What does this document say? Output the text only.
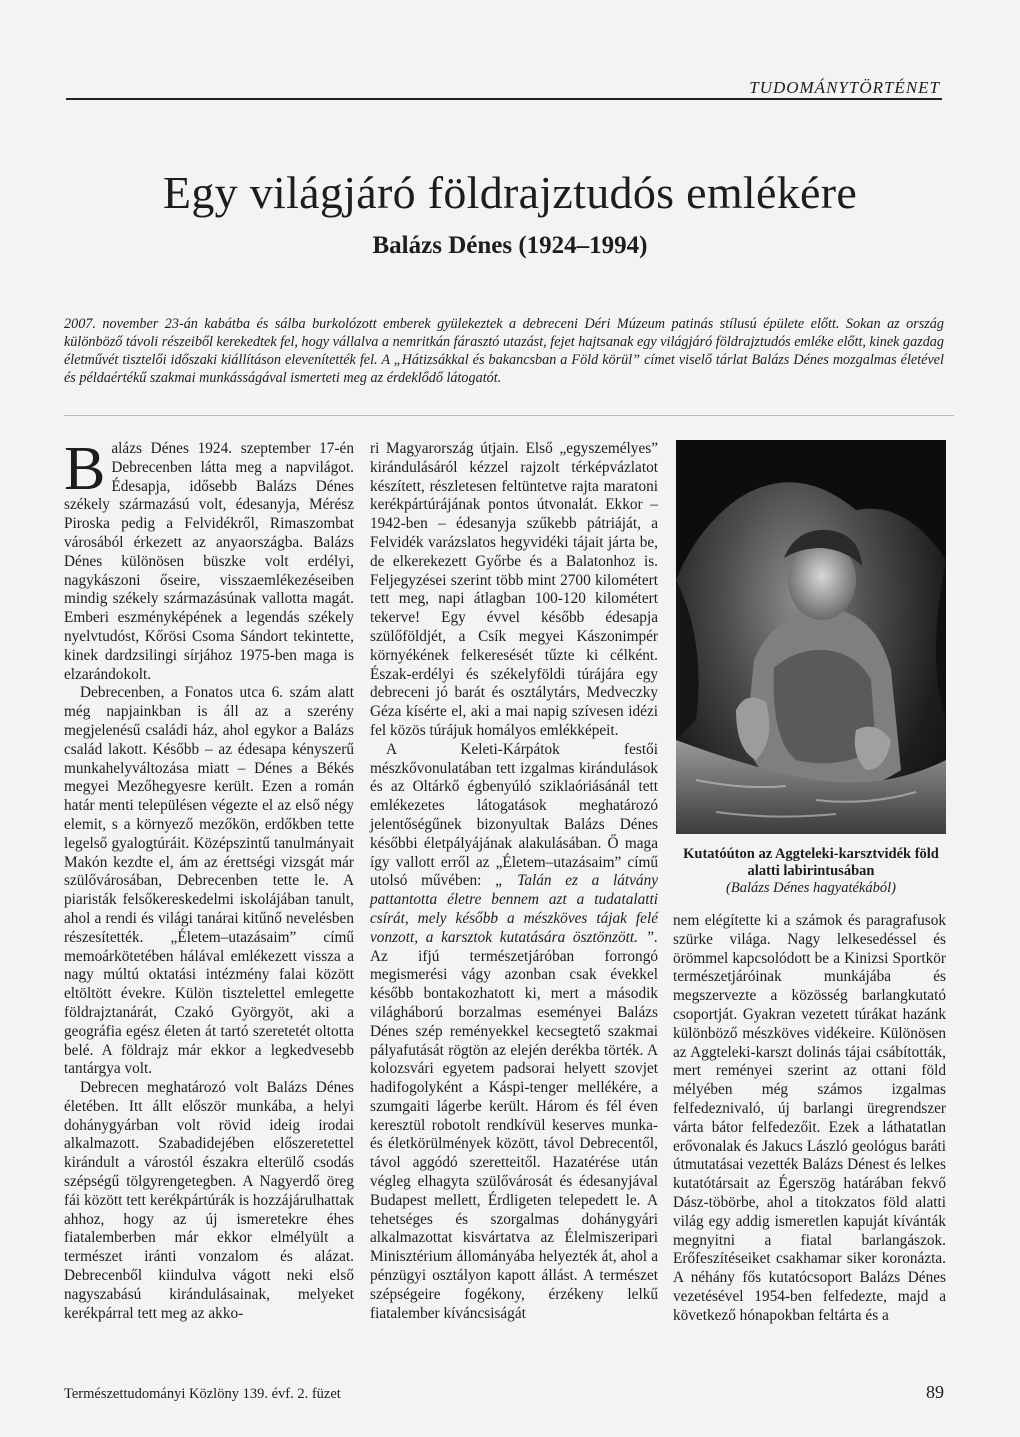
TUDOMÁNYTÖRTÉNET
Egy világjáró földrajztudós emlékére
Balázs Dénes (1924–1994)

2007. november 23-án kabátba és sálba burkolózott emberek gyülekeztek a debreceni Déri Múzeum patinás stílusú épülete előtt. Sokan az ország különböző távoli részeiből kerekedtek fel, hogy vállalva a nemritkán fárasztó utazást, fejet hajtsanak egy világjáró földrajztudós emléke előtt, kinek gazdag életművét tisztelői időszaki kiállításon elevenítették fel. A „Hátizsákkal és bakancsban a Föld körül” címet viselő tárlat Balázs Dénes mozgalmas életével és példaértékű szakmai munkásságával ismerteti meg az érdeklődő látogatót.

Balázs Dénes 1924. szeptember 17-én Debrecenben látta meg a napvilágot. Édesapja, idősebb Balázs Dénes székely származású volt, édesanyja, Mérész Piroska pedig a Felvidékről, Rimaszombat városából érkezett az anyaországba. Balázs Dénes különösen büszke volt erdélyi, nagykászoni őseire, visszaemlékezéseiben mindig székely származásúnak vallotta magát. Emberi eszményképének a legendás székely nyelvtudóst, Kőrösi Csoma Sándort tekintette, kinek dardzsilingi sírjához 1975-ben maga is elzarándokolt.

Debrecenben, a Fonatos utca 6. szám alatt még napjainkban is áll az a szerény megjelenésű családi ház, ahol egykor a Balázs család lakott. Később – az édesapa kényszerű munkahelyváltozása miatt – Dénes a Békés megyei Mezőhegyesre került. Ezen a román határ menti településen végezte el az első négy elemit, s a környező mezőkön, erdőkben tette legelső gyalogtúráit. Középszintű tanulmányait Makón kezdte el, ám az érettségi vizsgát már szülővárosában, Debrecenben tette le. A piaristák felsőkereskedelmi iskolájában tanult, ahol a rendi és világi tanárai kitűnő nevelésben részesítették. „Életem–utazásaim” című memoárkötetében hálával emlékezett vissza a nagy múltú oktatási intézmény falai között eltöltött évekre. Külön tisztelettel emlegette földrajztanárát, Czakó Györgyöt, aki a geográfia egész életen át tartó szeretetét oltotta belé. A földrajz már ekkor a legkedvesebb tantárgya volt.

Debrecen meghatározó volt Balázs Dénes életében. Itt állt először munkába, a helyi dohánygyárban volt rövid ideig irodai alkalmazott. Szabadidejében előszeretettel kirándult a várostól északra elterülő csodás szépségű tölgyrengetegben. A Nagyerdő öreg fái között tett kerékpártúrák is hozzájárulhattak ahhoz, hogy az új ismeretekre éhes fiatalemberben már ekkor elmélyült a természet iránti vonzalom és alázat. Debrecenből kiindulva vágott neki első nagyszabású kirándulásainak, melyeket kerékpárral tett meg az akko-

ri Magyarország útjain. Első „egyszemélyes” kirándulásáról kézzel rajzolt térképvázlatot készített, részletesen feltüntetve rajta maratoni kerékpártúrájának pontos útvonalát. Ekkor – 1942-ben – édesanyja szűkebb pátriáját, a Felvidék varázslatos hegyvidéki tájait járta be, de elkerekezett Győrbe és a Balatonhoz is. Feljegyzései szerint több mint 2700 kilométert tett meg, napi átlagban 100-120 kilométert tekerve! Egy évvel később édesapja szülőföldjét, a Csík megyei Kászonimpér környékének felkeresését tűzte ki célként. Észak-erdélyi és székelyföldi túrájára egy debreceni jó barát és osztálytárs, Medveczky Géza kísérte el, aki a mai napig szívesen idézi fel közös túrájuk homályos emlékképeit.

A Keleti-Kárpátok festői mészkővonulatában tett izgalmas kirándulások és az Oltárkő égbenyúló sziklaóriásánál tett emlékezetes látogatások meghatározó jelentőségűnek bizonyultak Balázs Dénes későbbi életpályájának alakulásában. Ő maga így vallott erről az „Életem–utazásaim” című utolsó művében: „ Talán ez a látvány pattantotta életre bennem azt a tudatalatti csírát, mely később a mészköves tájak felé vonzott, a karsztok kutatására ösztönzött. ”. Az ifjú természetjáróban forrongó megismerési vágy azonban csak évekkel később bontakozhatott ki, mert a második világháború borzalmas eseményei Balázs Dénes szép reményekkel kecsegtető szakmai pályafutását rögtön az elején derékba törték. A kolozsvári egyetem padsorai helyett szovjet hadifogolyként a Káspi-tenger mellékére, a szumgaiti lágerbe került. Három és fél éven keresztül robotolt rendkívül keserves munka- és életkörülmények között, távol Debrecentől, távol aggódó szeretteitől. Hazatérése után végleg elhagyta szülővárosát és édesanyjával Budapest mellett, Érdligeten telepedett le. A tehetséges és szorgalmas dohánygyári alkalmazottat kisvártatva az Élelmiszeripari Minisztérium állományába helyezték át, ahol a pénzügyi osztályon kapott állást. A természet szépségeire fogékony, érzékeny lelkű fiatalember kíváncsiságát

Kutatóúton az Aggteleki-karsztvidék föld alatti labirintusában
(Balázs Dénes hagyatékából)

nem elégítette ki a számok és paragrafusok szürke világa. Nagy lelkesedéssel és örömmel kapcsolódott be a Kinizsi Sportkör természetjáróinak munkájába és megszervezte a közösség barlangkutató csoportját. Gyakran vezetett túrákat hazánk különböző mészköves vidékeire. Különösen az Aggteleki-karszt dolinás tájai csábították, mert reményei szerint az ottani föld mélyében még számos izgalmas felfedeznivaló, új barlangi üregrendszer várta bátor felfedezőit. Ezek a láthatatlan erővonalak és Jakucs László geológus baráti útmutatásai vezették Balázs Dénest és lelkes kutatótársait az Égerszög határában fekvő Dász-töbörbe, ahol a titokzatos föld alatti világ egy addig ismeretlen kapuját kívánták megnyitni a fiatal barlangászok. Erőfeszítéseiket csakhamar siker koronázta. A néhány fős kutatócsoport Balázs Dénes vezetésével 1954-ben felfedezte, majd a következő hónapokban feltárta és a

Természettudományi Közlöny 139. évf. 2. füzet	89
